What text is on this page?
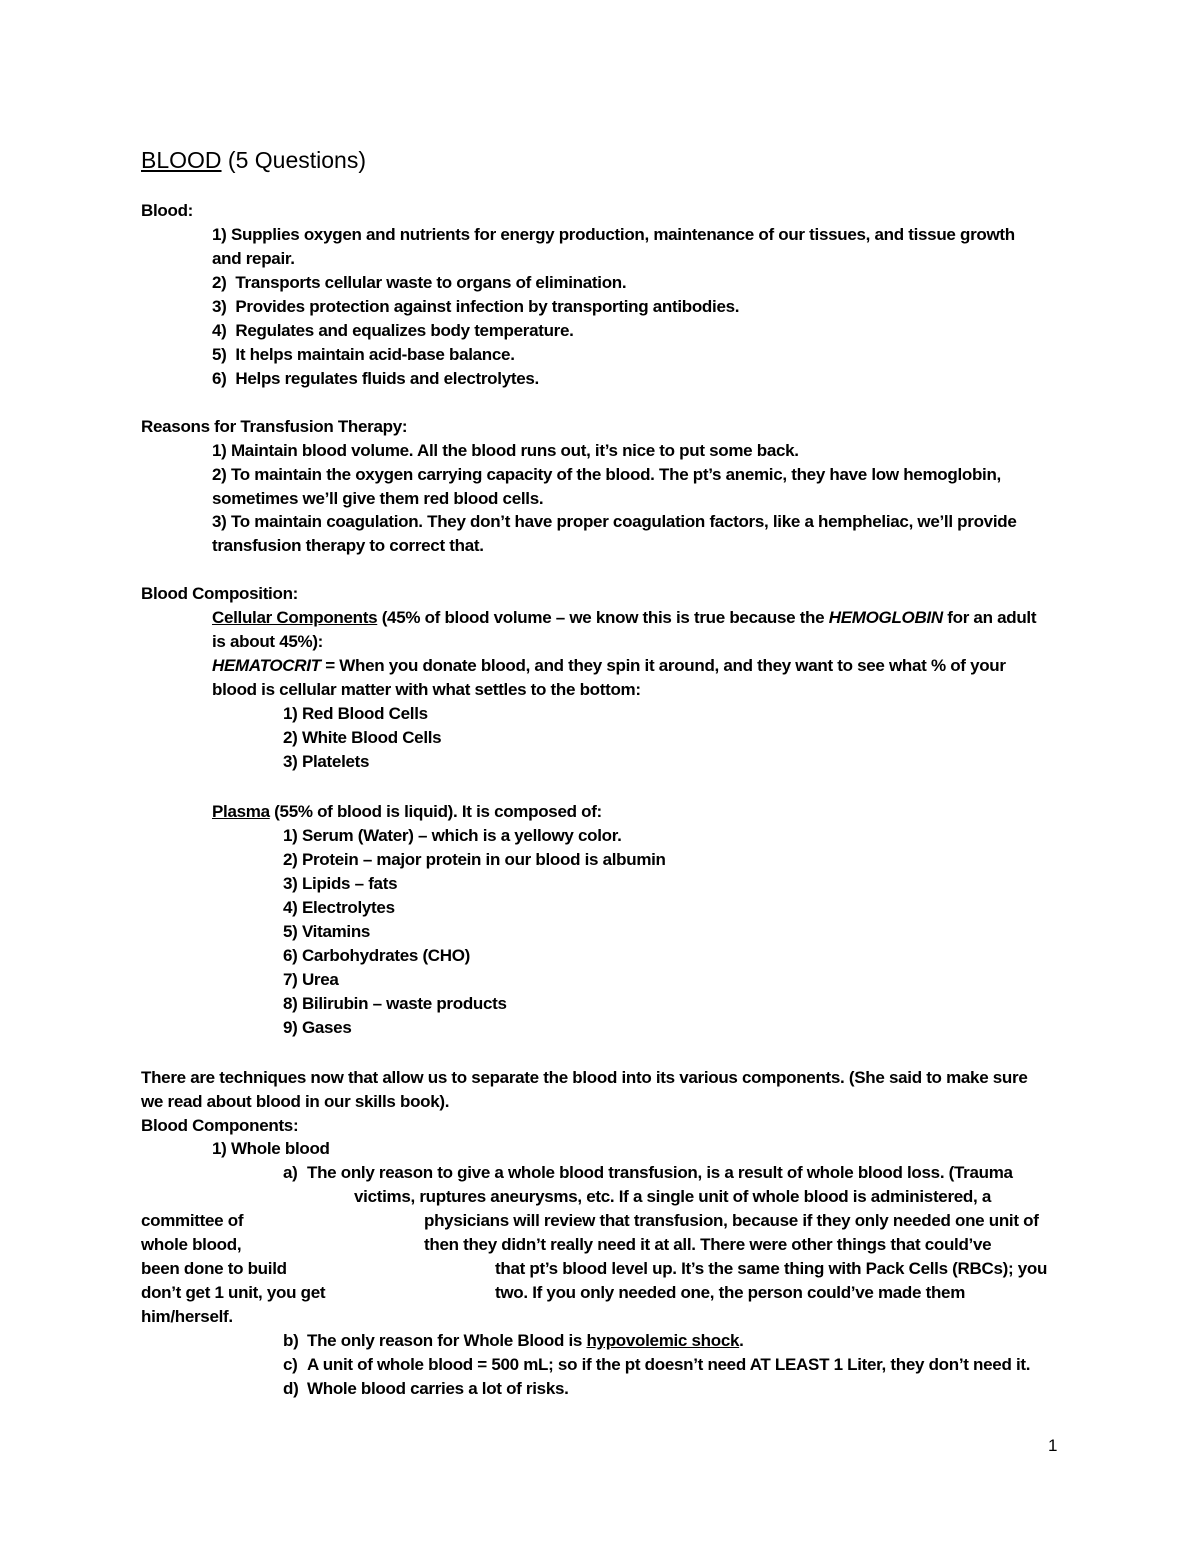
BLOOD (5 Questions)
Blood:
1) Supplies oxygen and nutrients for energy production, maintenance of our tissues, and tissue growth
and repair.
2) Transports cellular waste to organs of elimination.
3) Provides protection against infection by transporting antibodies.
4) Regulates and equalizes body temperature.
5) It helps maintain acid-base balance.
6) Helps regulates fluids and electrolytes.
Reasons for Transfusion Therapy:
1) Maintain blood volume. All the blood runs out, it’s nice to put some back.
2) To maintain the oxygen carrying capacity of the blood. The pt’s anemic, they have low hemoglobin,
sometimes we’ll give them red blood cells.
3) To maintain coagulation. They don’t have proper coagulation factors, like a hempheliac, we’ll provide
transfusion therapy to correct that.
Blood Composition:
Cellular Components (45% of blood volume – we know this is true because the HEMOGLOBIN for an adult
is about 45%):
HEMATOCRIT = When you donate blood, and they spin it around, and they want to see what % of your
blood is cellular matter with what settles to the bottom:
1) Red Blood Cells
2) White Blood Cells
3) Platelets
Plasma (55% of blood is liquid). It is composed of:
1) Serum (Water) – which is a yellowy color.
2) Protein – major protein in our blood is albumin
3) Lipids – fats
4) Electrolytes
5) Vitamins
6) Carbohydrates (CHO)
7) Urea
8) Bilirubin – waste products
9) Gases
There are techniques now that allow us to separate the blood into its various components. (She said to make sure
we read about blood in our skills book).
Blood Components:
1) Whole blood
a) The only reason to give a whole blood transfusion, is a result of whole blood loss. (Trauma
victims, ruptures aneurysms, etc. If a single unit of whole blood is administered, a
committee of	physicians will review that transfusion, because if they only needed one unit of
whole blood,	then they didn’t really need it at all. There were other things that could’ve
been done to build	that pt’s blood level up. It’s the same thing with Pack Cells (RBCs); you
don’t get 1 unit, you get	two. If you only needed one, the person could’ve made them
him/herself.
b) The only reason for Whole Blood is hypovolemic shock.
c) A unit of whole blood = 500 mL; so if the pt doesn’t need AT LEAST 1 Liter, they don’t need it.
d) Whole blood carries a lot of risks.
1
